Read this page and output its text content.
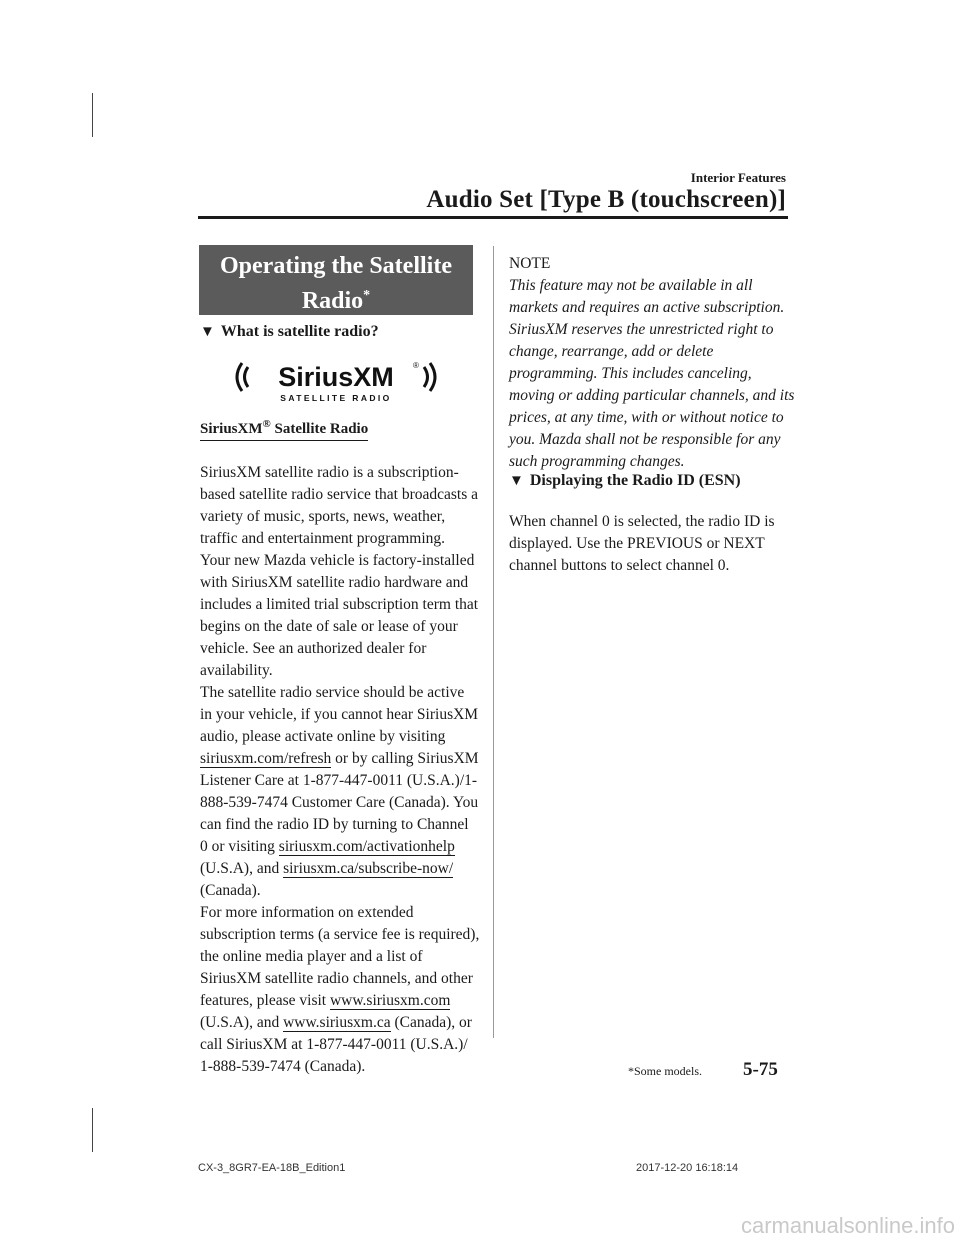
Interior Features
Audio Set [Type B (touchscreen)]
Operating the Satellite
Radio*
▼ What is satellite radio?
SiriusXM ®
SATELLITE RADIO
SiriusXM® Satellite Radio

SiriusXM satellite radio is a subscription-based satellite radio service that broadcasts a variety of music, sports, news, weather, traffic and entertainment programming.

Your new Mazda vehicle is factory-installed with SiriusXM satellite radio hardware and includes a limited trial subscription term that begins on the date of sale or lease of your vehicle. See an authorized dealer for availability.

The satellite radio service should be active in your vehicle, if you cannot hear SiriusXM audio, please activate online by visiting siriusxm.com/refresh or by calling SiriusXM Listener Care at 1-877-447-0011 (U.S.A.)/1-888-539-7474 Customer Care (Canada). You can find the radio ID by turning to Channel 0 or visiting siriusxm.com/activationhelp (U.S.A), and siriusxm.ca/subscribe-now/ (Canada).

For more information on extended subscription terms (a service fee is required), the online media player and a list of SiriusXM satellite radio channels, and other features, please visit www.siriusxm.com (U.S.A), and www.siriusxm.ca (Canada), or call SiriusXM at 1-877-447-0011 (U.S.A.)/ 1-888-539-7474 (Canada).

NOTE
This feature may not be available in all markets and requires an active subscription. SiriusXM reserves the unrestricted right to change, rearrange, add or delete programming. This includes canceling, moving or adding particular channels, and its prices, at any time, with or without notice to you. Mazda shall not be responsible for any such programming changes.
▼ Displaying the Radio ID (ESN)
When channel 0 is selected, the radio ID is displayed. Use the PREVIOUS or NEXT channel buttons to select channel 0.
*Some models. 5-75
CX-3_8GR7-EA-18B_Edition1	2017-12-20 16:18:14
carmanualsonline.info
